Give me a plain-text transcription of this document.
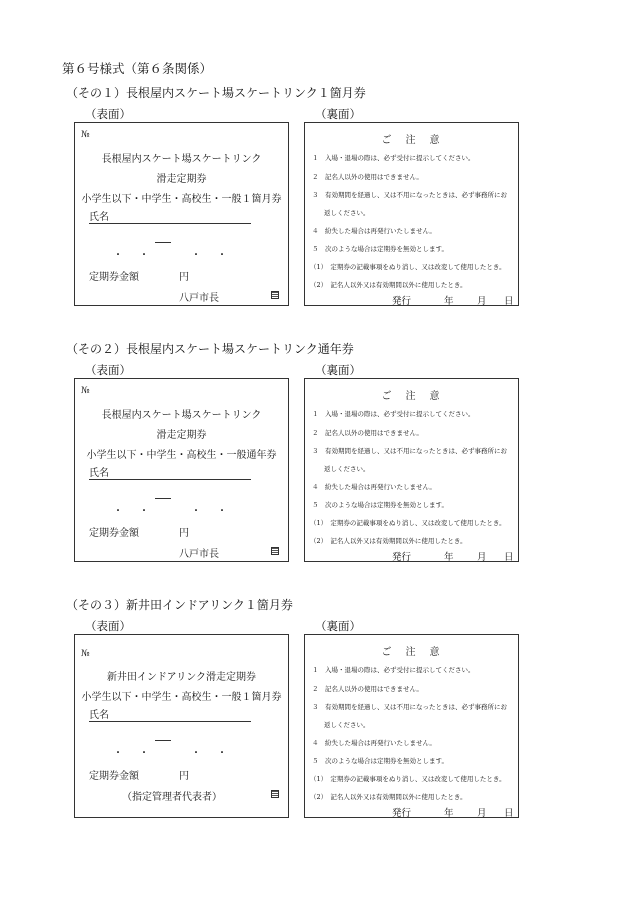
第６号様式（第６条関係）
（その１）長根屋内スケート場スケートリンク１箇月券
（表面）	（裏面）
№
長根屋内スケート場スケートリンク
滑走定期券
小学生以下・中学生・高校生・一般１箇月券
氏名
・ ・	・ ・
定期券金額	円
八戸市長
ご　注　意
１　入場・退場の際は、必ず受付に提示してください。
２　記名人以外の使用はできません。
３　有効期間を経過し、又は不用になったときは、必ず事務所にお
返しください。
４　紛失した場合は再発行いたしません。
５　次のような場合は定期券を無効とします。
（1）　定期券の記載事項をぬり消し、又は改変して使用したとき。
（2）　記名人以外又は有効期間以外に使用したとき。
発行	年 月 日
（その２）長根屋内スケート場スケートリンク通年券
（表面）	（裏面）
№
長根屋内スケート場スケートリンク
滑走定期券
小学生以下・中学生・高校生・一般通年券
氏名
・ ・	・ ・
定期券金額	円
八戸市長
ご　注　意
１　入場・退場の際は、必ず受付に提示してください。
２　記名人以外の使用はできません。
３　有効期間を経過し、又は不用になったときは、必ず事務所にお
返しください。
４　紛失した場合は再発行いたしません。
５　次のような場合は定期券を無効とします。
（1）　定期券の記載事項をぬり消し、又は改変して使用したとき。
（2）　記名人以外又は有効期間以外に使用したとき。
発行	年 月 日
（その３）新井田インドアリンク１箇月券
（表面）	（裏面）
№
新井田インドアリンク滑走定期券
小学生以下・中学生・高校生・一般１箇月券
氏名
・ ・	・ ・
定期券金額	円
（指定管理者代表者）
ご　注　意
１　入場・退場の際は、必ず受付に提示してください。
２　記名人以外の使用はできません。
３　有効期間を経過し、又は不用になったときは、必ず事務所にお
返しください。
４　紛失した場合は再発行いたしません。
５　次のような場合は定期券を無効とします。
（1）　定期券の記載事項をぬり消し、又は改変して使用したとき。
（2）　記名人以外又は有効期間以外に使用したとき。
発行	年 月 日
